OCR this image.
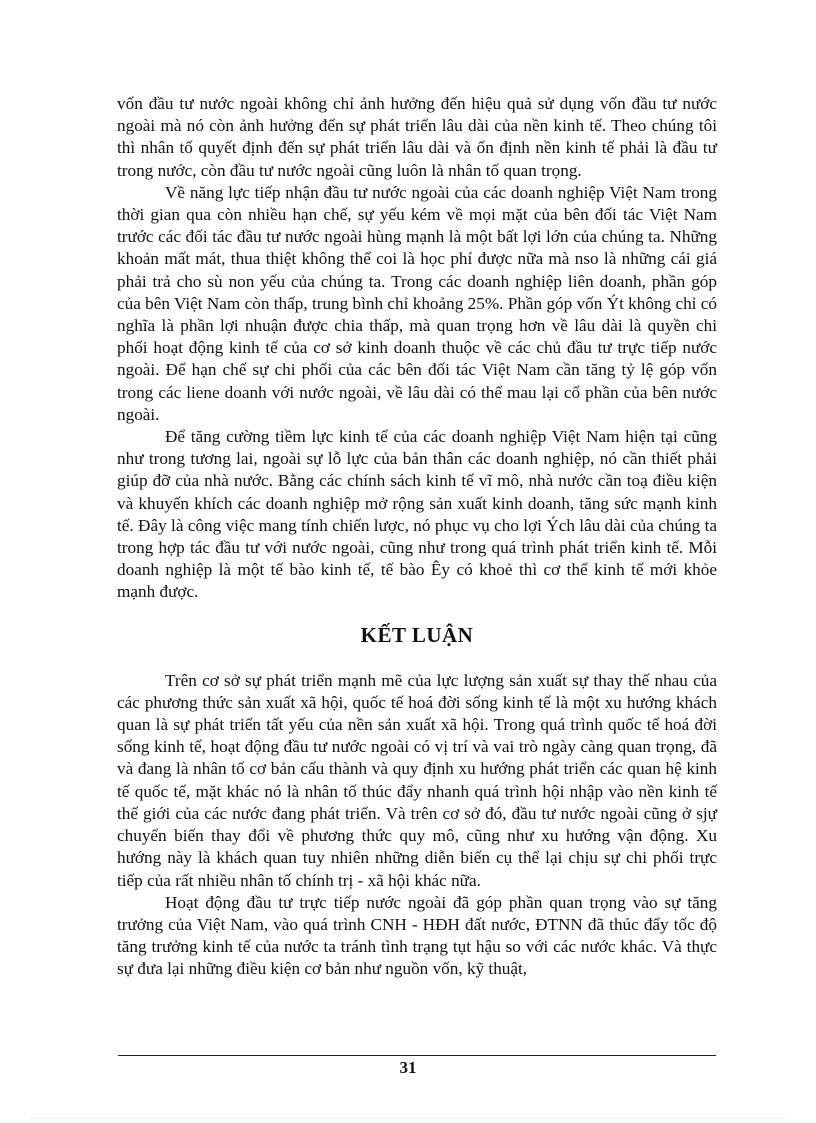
vốn đầu tư nước ngoài không chỉ ảnh hưởng đến hiệu quả sử dụng vốn đầu tư nước ngoài mà nó còn ảnh hưởng đến sự phát triển lâu dài của nền kinh tế. Theo chúng tôi thì nhân tố quyết định đến sự phát triển lâu dài và ổn định nền kinh tế phải là đầu tư trong nước, còn đầu tư nước ngoài cũng luôn là nhân tố quan trọng.

Về năng lực tiếp nhận đầu tư nước ngoài của các doanh nghiệp Việt Nam trong thời gian qua còn nhiều hạn chế, sự yếu kém về mọi mặt của bên đối tác Việt Nam trước các đối tác đầu tư nước ngoài hùng mạnh là một bất lợi lớn của chúng ta. Những khoản mất mát, thua thiệt không thể coi là học phí được nữa mà nso là những cái giá phải trả cho sù non yếu của chúng ta. Trong các doanh nghiệp liên doanh, phần góp của bên Việt Nam còn thấp, trung bình chỉ khoảng 25%. Phần góp vốn Ýt không chỉ có nghĩa là phần lợi nhuận được chia thấp, mà quan trọng hơn về lâu dài là quyền chi phối hoạt động kinh tế của cơ sở kinh doanh thuộc về các chủ đầu tư trực tiếp nước ngoài. Để hạn chế sự chi phối của các bên đối tác Việt Nam cần tăng tỷ lệ góp vốn trong các liene doanh với nước ngoài, về lâu dài có thể mau lại cổ phần của bên nước ngoài.

Để tăng cường tiềm lực kinh tế của các doanh nghiệp Việt Nam hiện tại cũng như trong tương lai, ngoài sự lỗ lực của bản thân các doanh nghiệp, nó cần thiết phải giúp đỡ của nhà nước. Bằng các chính sách kinh tế vĩ mô, nhà nước cần toạ điều kiện và khuyến khích các doanh nghiệp mở rộng sản xuất kinh doanh, tăng sức mạnh kinh tế. Đây là công việc mang tính chiến lược, nó phục vụ cho lợi Ých lâu dài của chúng ta trong hợp tác đầu tư với nước ngoài, cũng như trong quá trình phát triển kinh tế. Mỗi doanh nghiệp là một tế bào kinh tế, tế bào Êy có khoẻ thì cơ thể kinh tế mới khỏe mạnh được.

KẾT LUẬN

Trên cơ sở sự phát triển mạnh mẽ của lực lượng sản xuất sự thay thế nhau của các phương thức sản xuất xã hội, quốc tế hoá đời sống kinh tế là một xu hướng khách quan là sự phát triển tất yếu của nền sản xuất xã hội. Trong quá trình quốc tế hoá đời sống kinh tế, hoạt động đầu tư nước ngoài có vị trí và vai trò ngày càng quan trọng, đã và đang là nhân tố cơ bản cấu thành và quy định xu hướng phát triển các quan hệ kinh tế quốc tế, mặt khác nó là nhân tố thúc đẩy nhanh quá trình hội nhập vào nền kinh tế thế giới của các nước đang phát triển. Và trên cơ sở đó, đầu tư nước ngoài cũng ở sjự chuyển biến thay đổi về phương thức quy mô, cũng như xu hướng vận động. Xu hướng này là khách quan tuy nhiên những diễn biến cụ thể lại chịu sự chi phối trực tiếp của rất nhiều nhân tố chính trị - xã hội khác nữa.

Hoạt động đầu tư trực tiếp nước ngoài đã góp phần quan trọng vào sự tăng trưởng của Việt Nam, vào quá trình CNH - HĐH đất nước, ĐTNN đã thúc đẩy tốc độ tăng trưởng kinh tế của nước ta tránh tình trạng tụt hậu so với các nước khác. Và thực sự đưa lại những điều kiện cơ bản như nguồn vốn, kỹ thuật,

31
